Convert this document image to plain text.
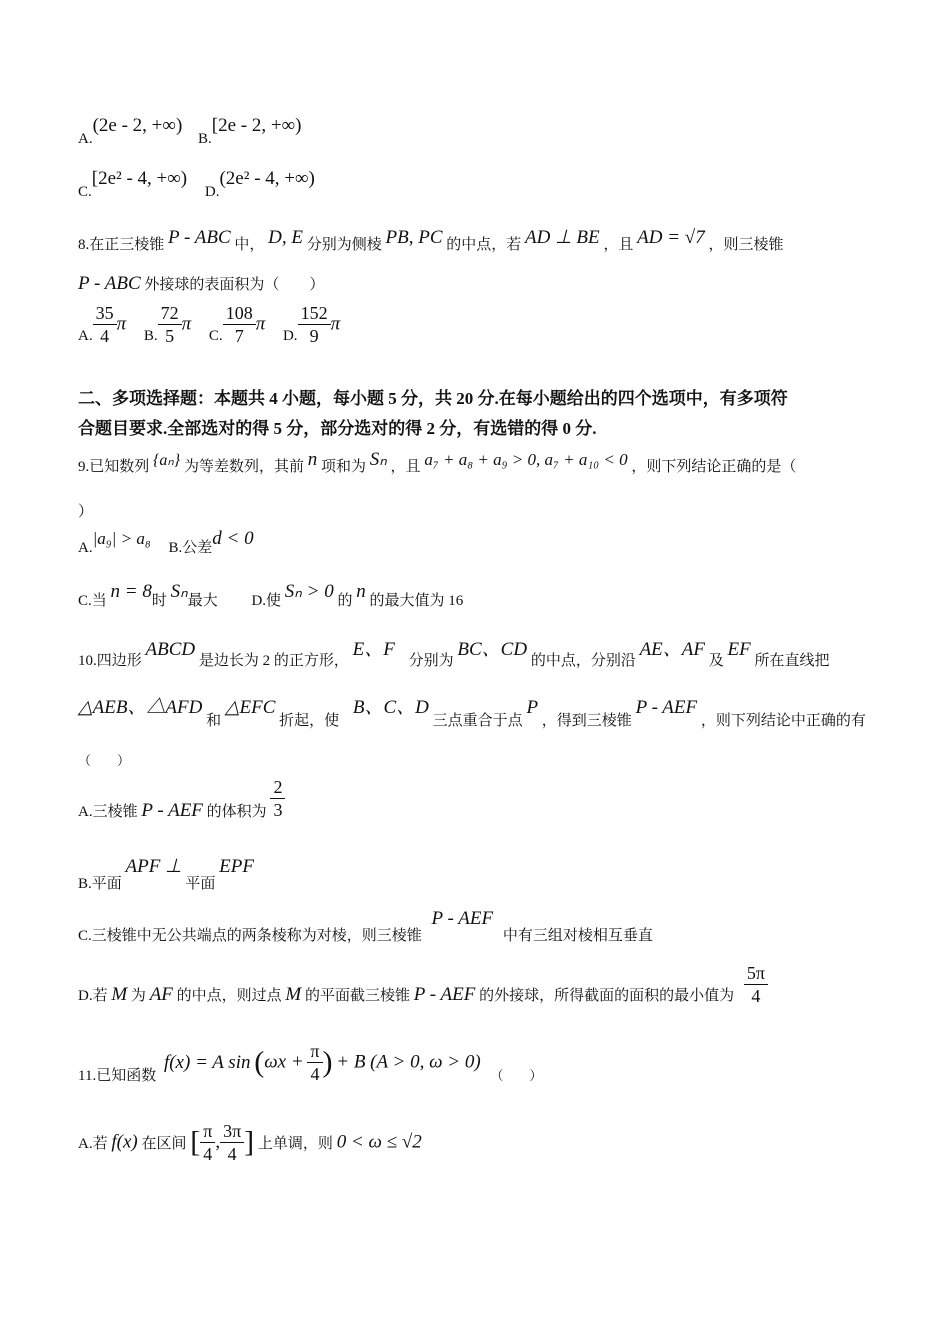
A.(2e - 2, +∞) B.[2e - 2, +∞)
C.[2e² - 4, +∞) D.(2e² - 4, +∞)
8.在正三棱锥 P - ABC 中， D, E 分别为侧棱 PB, PC 的中点，若 AD ⊥ BE ，且 AD = √7 ，则三棱锥
P - ABC 外接球的表面积为（　　）
A. $\frac{35}{4}$ π B. $\frac{72}{5}$ π C. $\frac{108}{7}$ π D. $\frac{152}{9}$ π
二、多项选择题：本题共 4 小题，每小题 5 分，共 20 分.在每小题给出的四个选项中，有多项符
合题目要求.全部选对的得 5 分，部分选对的得 2 分，有选错的得 0 分.
9.已知数列 {aₙ} 为等差数列，其前 n 项和为 Sₙ ，且 a₇ + a₈ + a₉ > 0, a₇ + a₁₀ < 0 ，则下列结论正确的是（
）
A.|a₉| > a₈ B.公差d < 0
C.当 n = 8时 Sₙ最大 D.使 Sₙ > 0 的 n 的最大值为 16
10.四边形 ABCD 是边长为 2 的正方形， E、F 分别为 BC、CD 的中点，分别沿 AE、AF 及 EF 所在直线把
△AEB、△AFD 和 △EFC 折起，使 B、C、D 三点重合于点 P ，得到三棱锥 P - AEF ，则下列结论中正确的有
（　　）
A.三棱锥 P - AEF 的体积为 $\frac{2}{3}$
B.平面 APF ⊥ 平面 EPF
C.三棱锥中无公共端点的两条棱称为对棱，则三棱锥 P - AEF 中有三组对棱相互垂直
D.若 M 为 AF 的中点，则过点 M 的平面截三棱锥 P - AEF 的外接球，所得截面的面积的最小值为 $\frac{5\pi}{4}$
11.已知函数 f(x) = A $\sin (\omega x + \frac{\pi}{4}$ ) + B (A > 0, ω > 0) （　　）
A.若 f(x) 在区间 [ $\frac{\pi}{4}$ , $\frac{3\pi}{4}$ ] 上单调，则 0 < ω ≤ √2
